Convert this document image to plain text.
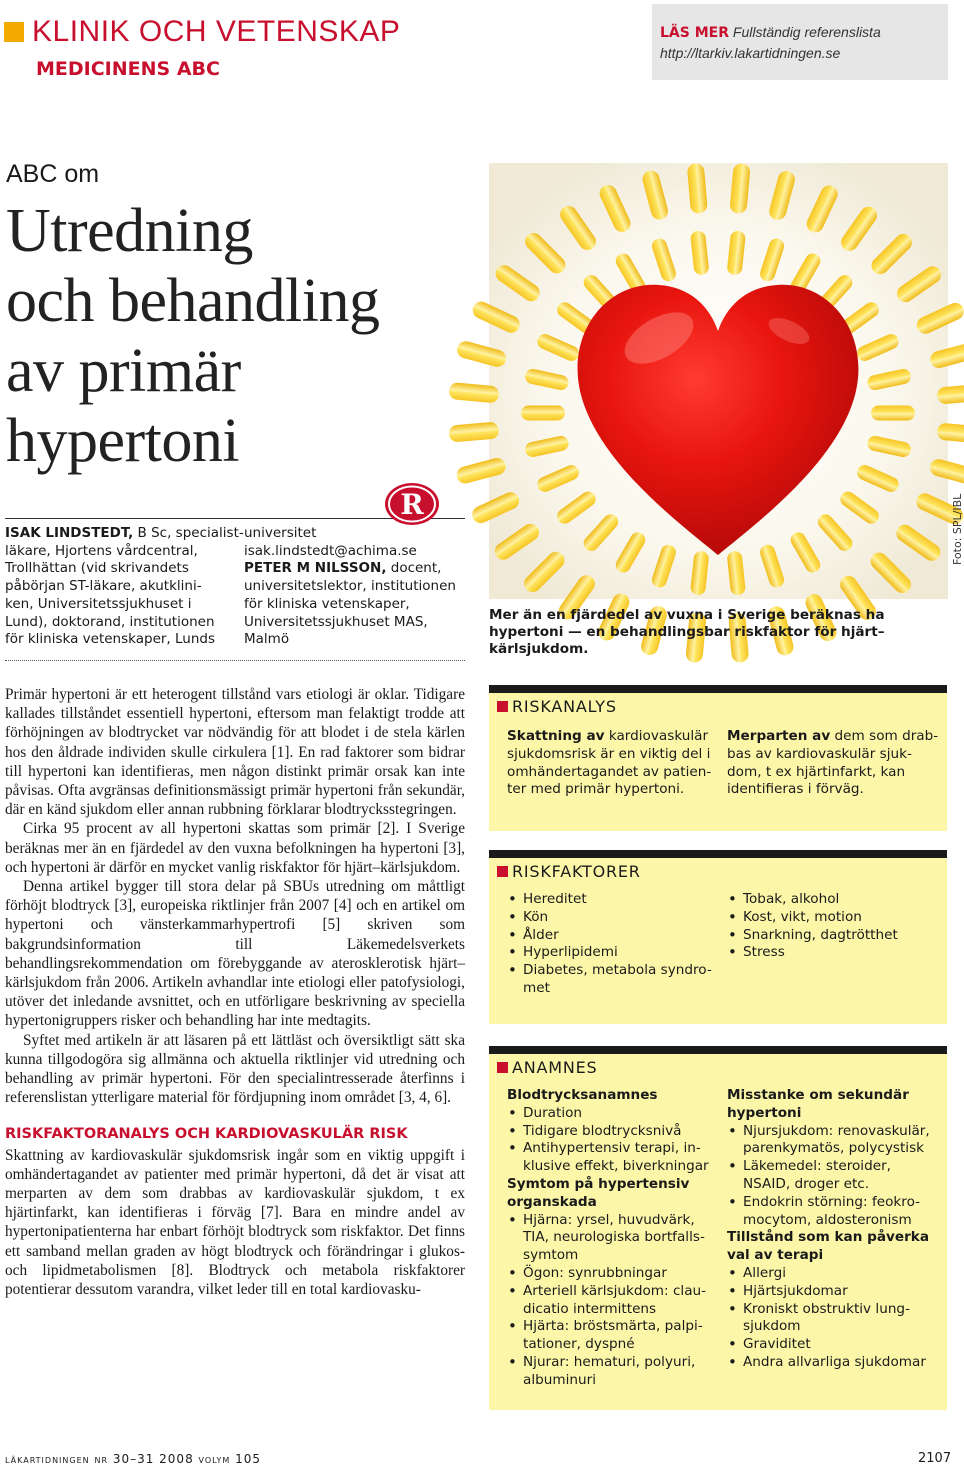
KLINIK OCH VETENSKAP
MEDICINENS ABC
LÄS MER Fullständig referenslista
http://ltarkiv.lakartidningen.se
ABC om
Utredning
och behandling
av primär
hypertoni
Foto: SPL/IBL
Mer än en fjärdedel av vuxna i Sverige beräknas ha hypertoni — en behandlingsbar riskfaktor för hjärt–kärlsjukdom.
R
ISAK LINDSTEDT, B Sc, specialist-
läkare, Hjortens vårdcentral,
Trollhättan (vid skrivandets
påbörjan ST-läkare, akutklini-
ken, Universitetssjukhuset i
Lund), doktorand, institutionen
för kliniska vetenskaper, Lunds
universitet
isak.lindstedt@achima.se
PETER M NILSSON, docent,
universitetslektor, institutionen
för kliniska vetenskaper,
Universitetssjukhuset MAS,
Malmö

Primär hypertoni är ett heterogent tillstånd vars etiologi är oklar. Tidigare kallades tillståndet essentiell hypertoni, eftersom man felaktigt trodde att förhöjningen av blodtrycket var nödvändig för att blodet i de stela kärlen hos den åldrade individen skulle cirkulera [1]. En rad faktorer som bidrar till hypertoni kan identifieras, men någon distinkt primär orsak kan inte påvisas. Ofta avgränsas definitionsmässigt primär hypertoni från sekundär, där en känd sjukdom eller annan rubbning förklarar blodtrycksstegringen.

Cirka 95 procent av all hypertoni skattas som primär [2]. I Sverige beräknas mer än en fjärdedel av den vuxna befolkningen ha hypertoni [3], och hypertoni är därför en mycket vanlig riskfaktor för hjärt–kärlsjukdom.

Denna artikel bygger till stora delar på SBUs utredning om måttligt förhöjt blodtryck [3], europeiska riktlinjer från 2007 [4] och en artikel om hypertoni och vänsterkammarhypertrofi [5] skriven som bakgrundsinformation till Läkemedelsverkets behandlingsrekommendation om förebyggande av aterosklerotisk hjärt–kärlsjukdom från 2006. Artikeln avhandlar inte etiologi eller patofysiologi, utöver det inledande avsnittet, och en utförligare beskrivning av speciella hypertonigruppers risker och behandling har inte medtagits.

Syftet med artikeln är att läsaren på ett lättläst och översiktligt sätt ska kunna tillgodogöra sig allmänna och aktuella riktlinjer vid utredning och behandling av primär hypertoni. För den specialintresserade återfinns i referenslistan ytterligare material för fördjupning inom området [3, 4, 6].

RISKFAKTORANALYS OCH KARDIOVASKULÄR RISK

Skattning av kardiovaskulär sjukdomsrisk ingår som en viktig uppgift i omhändertagandet av patienter med primär hypertoni, då det är visat att merparten av dem som drabbas av kardiovaskulär sjukdom, t ex hjärtinfarkt, kan identifieras i förväg [7]. Bara en mindre andel av hypertonipatienterna har enbart förhöjt blodtryck som riskfaktor. Det finns ett samband mellan graden av högt blodtryck och förändringar i glukos- och lipidmetabolismen [8]. Blodtryck och metabola riskfaktorer potentierar dessutom varandra, vilket leder till en total kardiovasku-

RISKANALYS
Skattning av kardiovaskulär
sjukdomsrisk är en viktig del i
omhändertagandet av patien-
ter med primär hypertoni.
Merparten av dem som drab-
bas av kardiovaskulär sjuk-
dom, t ex hjärtinfarkt, kan
identifieras i förväg.
RISKFAKTORER
• Hereditet
• Kön
• Ålder
• Hyperlipidemi
• Diabetes, metabola syndro-
met
• Tobak, alkohol
• Kost, vikt, motion
• Snarkning, dagtrötthet
• Stress
ANAMNES
Blodtrycksanamnes
• Duration
• Tidigare blodtrycksnivå
• Antihypertensiv terapi, in-
klusive effekt, biverkningar
Symtom på hypertensiv
organskada
• Hjärna: yrsel, huvudvärk,
TIA, neurologiska bortfalls-
symtom
• Ögon: synrubbningar
• Arteriell kärlsjukdom: clau-
dicatio intermittens
• Hjärta: bröstsmärta, palpi-
tationer, dyspné
• Njurar: hematuri, polyuri,
albuminuri
Misstanke om sekundär
hypertoni
• Njursjukdom: renovaskulär,
parenkymatös, polycystisk
• Läkemedel: steroider,
NSAID, droger etc.
• Endokrin störning: feokro-
mocytom, aldosteronism
Tillstånd som kan påverka
val av terapi
• Allergi
• Hjärtsjukdomar
• Kroniskt obstruktiv lung-
sjukdom
• Graviditet
• Andra allvarliga sjukdomar
läkartidningen nr 30–31 2008 volym 105	2107
